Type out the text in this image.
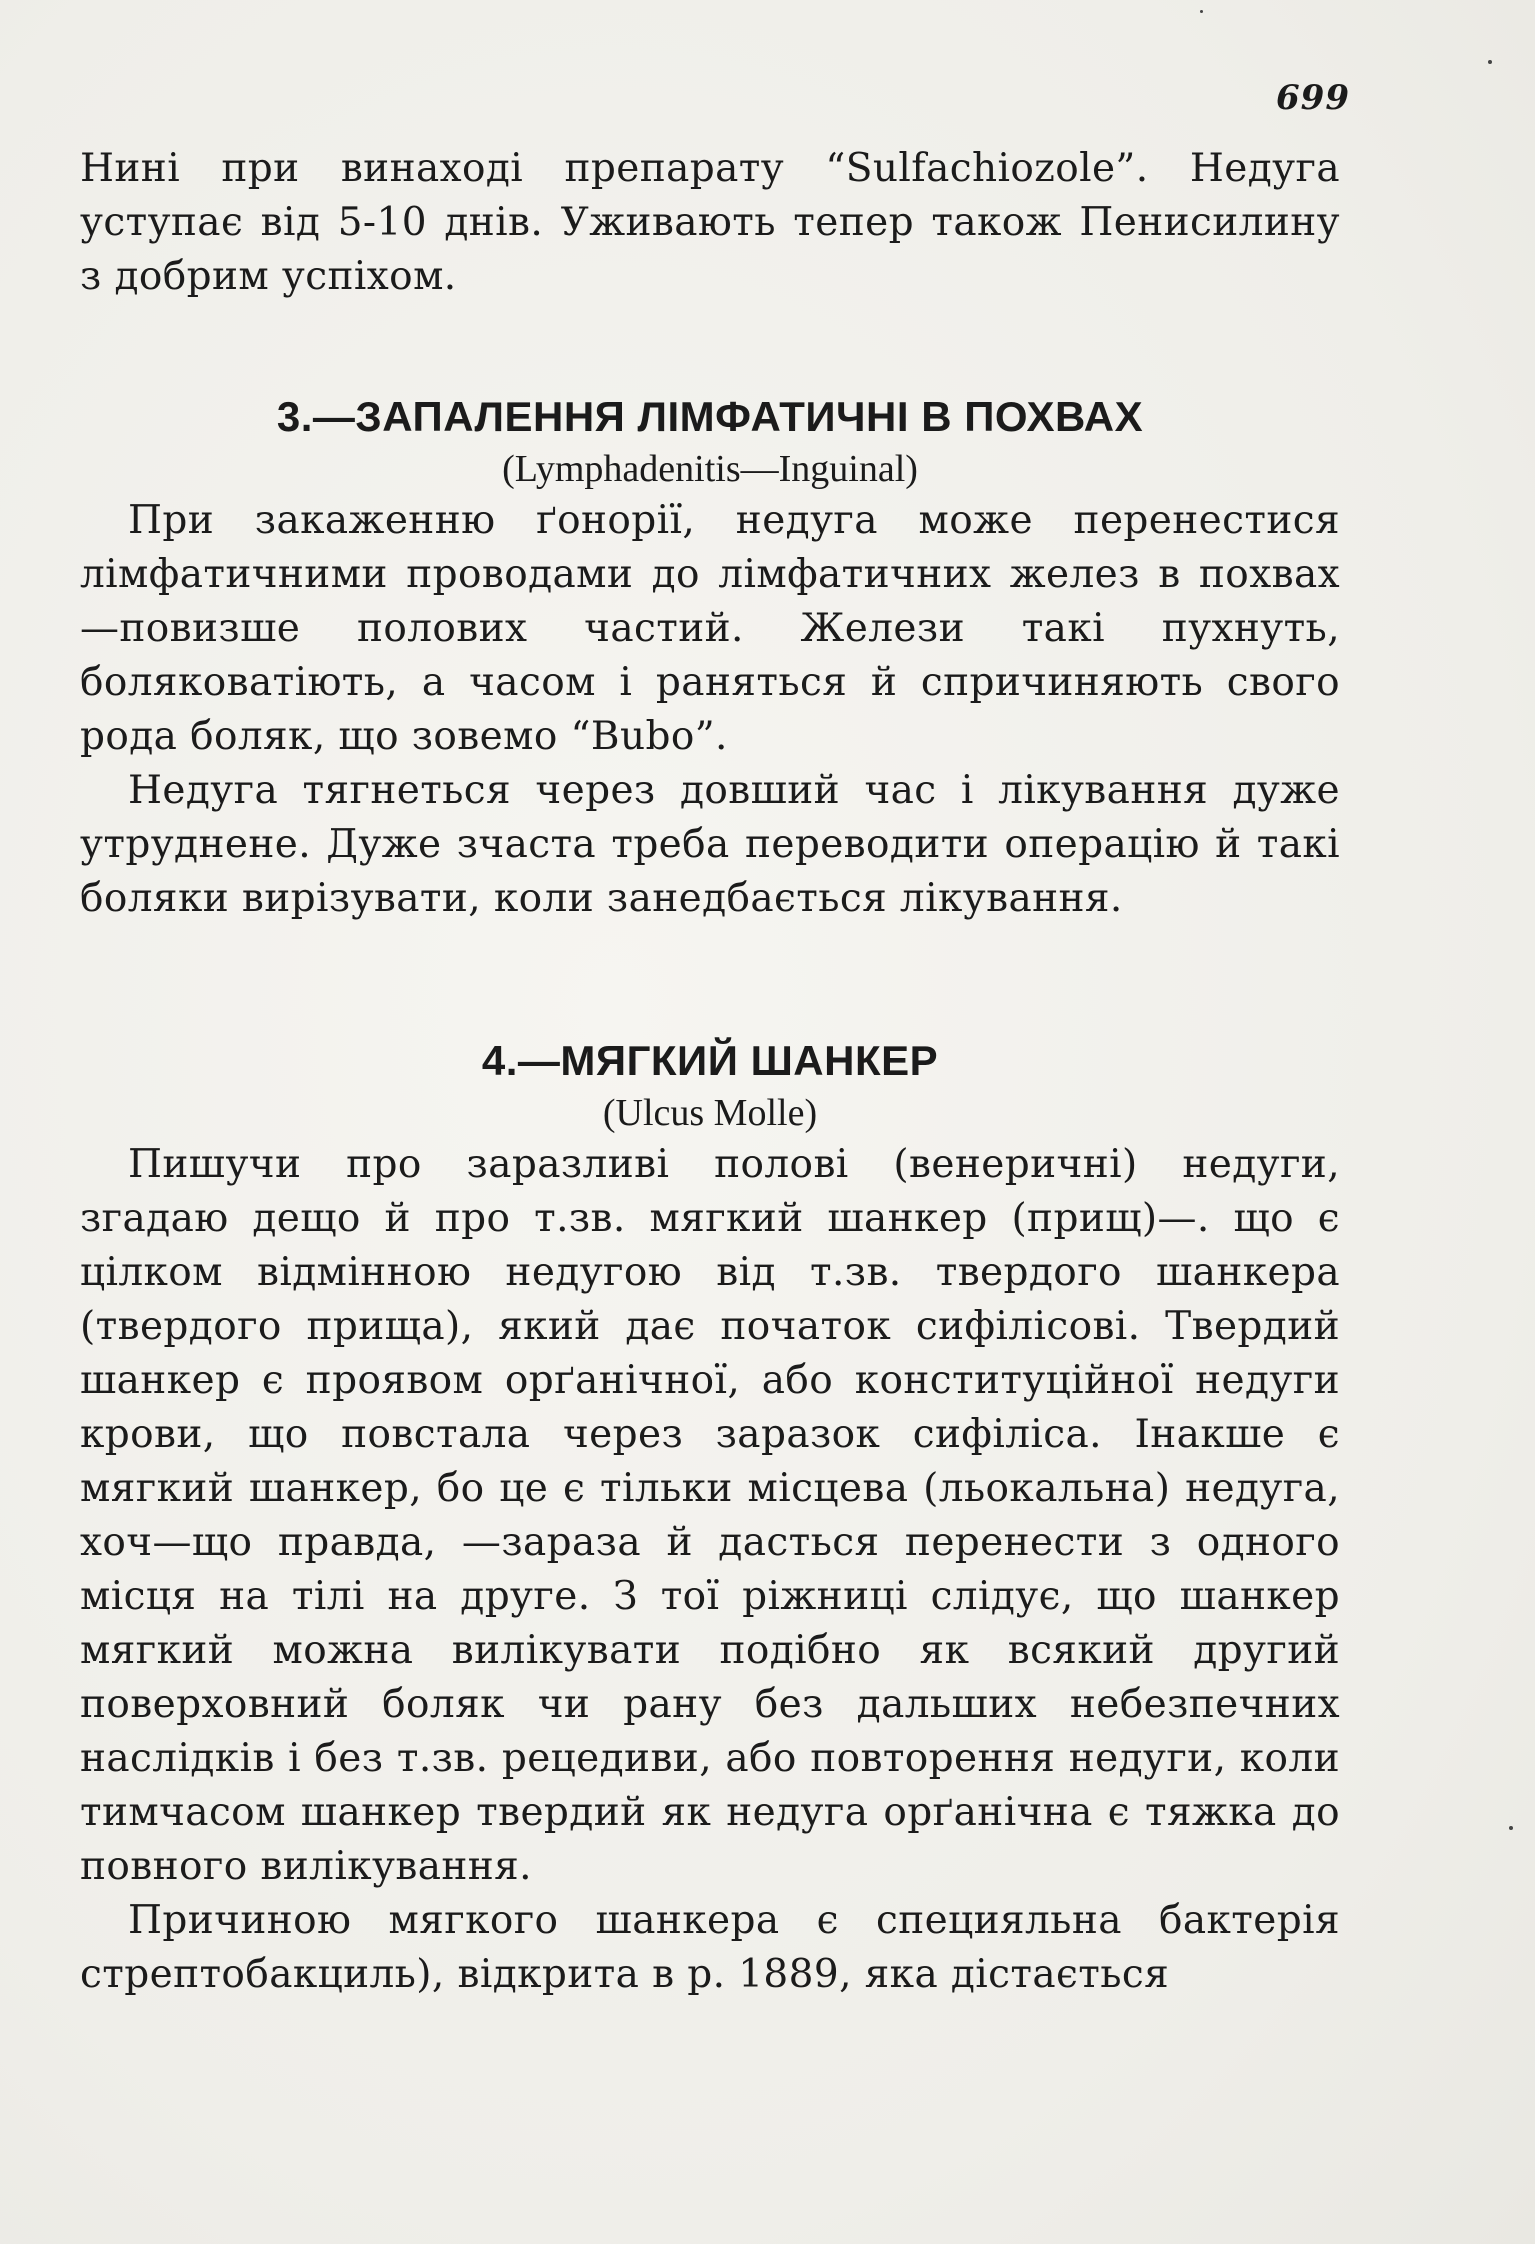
699

Нині при винаході препарату “Sulfachiozole”. Недуга уступає від 5-10 днів. Уживають тепер також Пенисилину з добрим успіхом.

3.—ЗАПАЛЕННЯ ЛІМФАТИЧНІ В ПОХВАХ
(Lymphadenitis—Inguinal)

При закаженню ґонорії, недуга може перенестися лімфатичними проводами до лімфатичних желез в похвах—повизше полових частий. Желези такі пухнуть, боляковатіють, а часом і раняться й спричиняють свого рода боляк, що зовемо “Bubo”.

Недуга тягнеться через довший час і лікування дуже утруднене. Дуже зчаста треба переводити операцію й такі боляки вирізувати, коли занедбається лікування.

4.—МЯГКИЙ ШАНКЕР
(Ulcus Molle)

Пишучи про заразливі полові (венеричні) недуги, згадаю дещо й про т.зв. мягкий шанкер (прищ)—. що є цілком відмінною недугою від т.зв. твердого шанкера (твердого прища), який дає початок сифілісові. Твердий шанкер є проявом орґанічної, або конституційної недуги крови, що повстала через заразок сифіліса. Інакше є мягкий шанкер, бо це є тільки місцева (льокальна) недуга, хоч—що правда, —зараза й дасться перенести з одного місця на тілі на друге. З тої ріжниці слідує, що шанкер мягкий можна вилікувати подібно як всякий другий поверховний боляк чи рану без дальших небезпечних наслідків і без т.зв. рецедиви, або повторення недуги, коли тимчасом шанкер твердий як недуга орґанічна є тяжка до повного вилікування.

Причиною мягкого шанкера є специяльна бактерія стрептобакциль), відкрита в р. 1889, яка дістається
